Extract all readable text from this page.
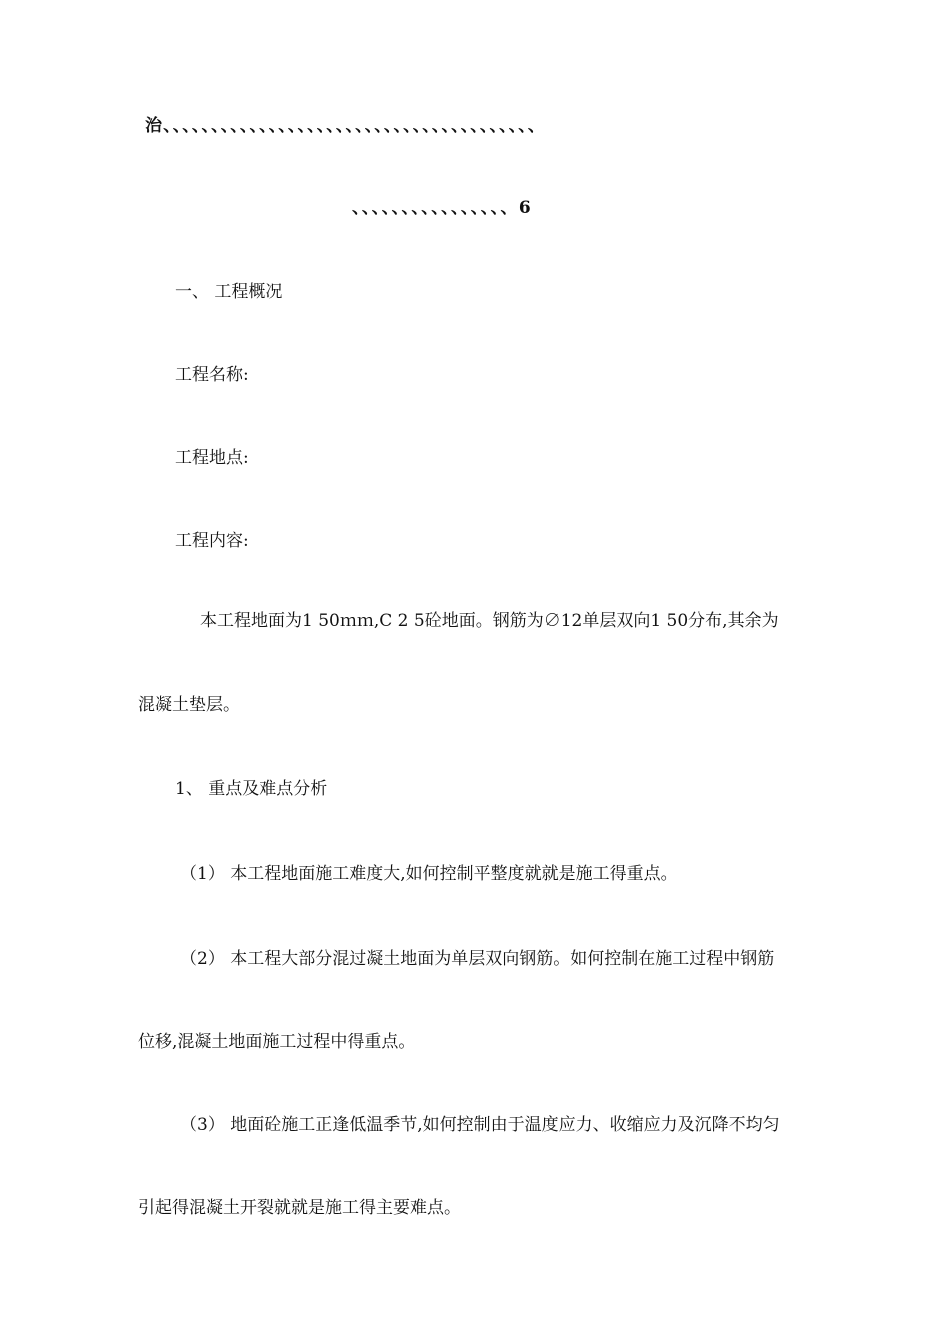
治、、、、、、、、、、、、、、、、、、、、、、、、、、、、、、、、、、、、、、、
、、、、、、、、、、、、、、、、6
一、 工程概况
工程名称:
工程地点:
工程内容:
本工程地面为1 50ｍｍ,C 2 5砼地面。钢筋为∅12单层双向1 50分布,其余为
混凝土垫层。
1、 重点及难点分析
（1） 本工程地面施工难度大,如何控制平整度就就是施工得重点。
（2） 本工程大部分混过凝土地面为单层双向钢筋。如何控制在施工过程中钢筋
位移,混凝土地面施工过程中得重点。
（3） 地面砼施工正逢低温季节,如何控制由于温度应力、收缩应力及沉降不均匀
引起得混凝土开裂就就是施工得主要难点。
